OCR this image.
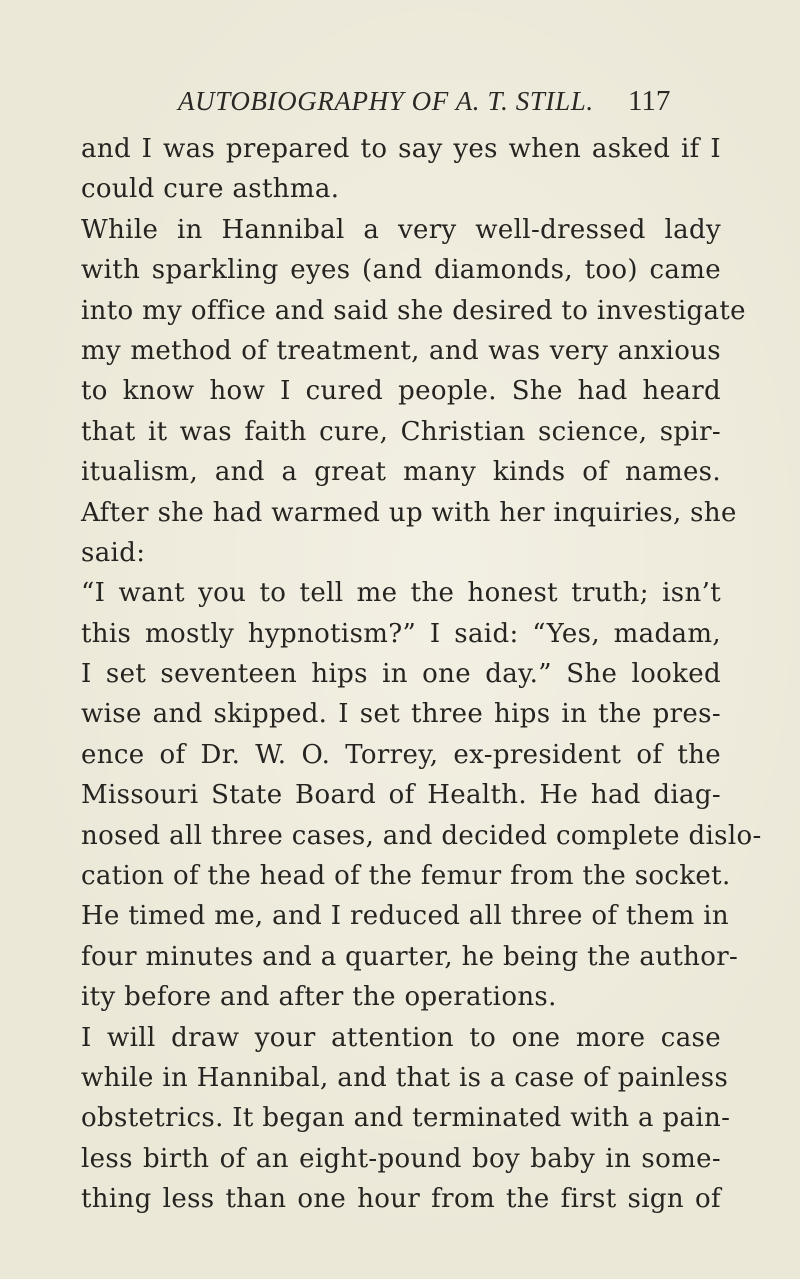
AUTOBIOGRAPHY OF A. T. STILL. 117
and I was prepared to say yes when asked if I
could cure asthma.
While in Hannibal a very well-dressed lady
with sparkling eyes (and diamonds, too) came
into my office and said she desired to investigate
my method of treatment, and was very anxious
to know how I cured people. She had heard
that it was faith cure, Christian science, spir-
itualism, and a great many kinds of names.
After she had warmed up with her inquiries, she
said:
“I want you to tell me the honest truth; isn’t
this mostly hypnotism?” I said: “Yes, madam,
I set seventeen hips in one day.” She looked
wise and skipped. I set three hips in the pres-
ence of Dr. W. O. Torrey, ex-president of the
Missouri State Board of Health. He had diag-
nosed all three cases, and decided complete dislo-
cation of the head of the femur from the socket.
He timed me, and I reduced all three of them in
four minutes and a quarter, he being the author-
ity before and after the operations.
I will draw your attention to one more case
while in Hannibal, and that is a case of painless
obstetrics. It began and terminated with a pain-
less birth of an eight-pound boy baby in some-
thing less than one hour from the first sign of
